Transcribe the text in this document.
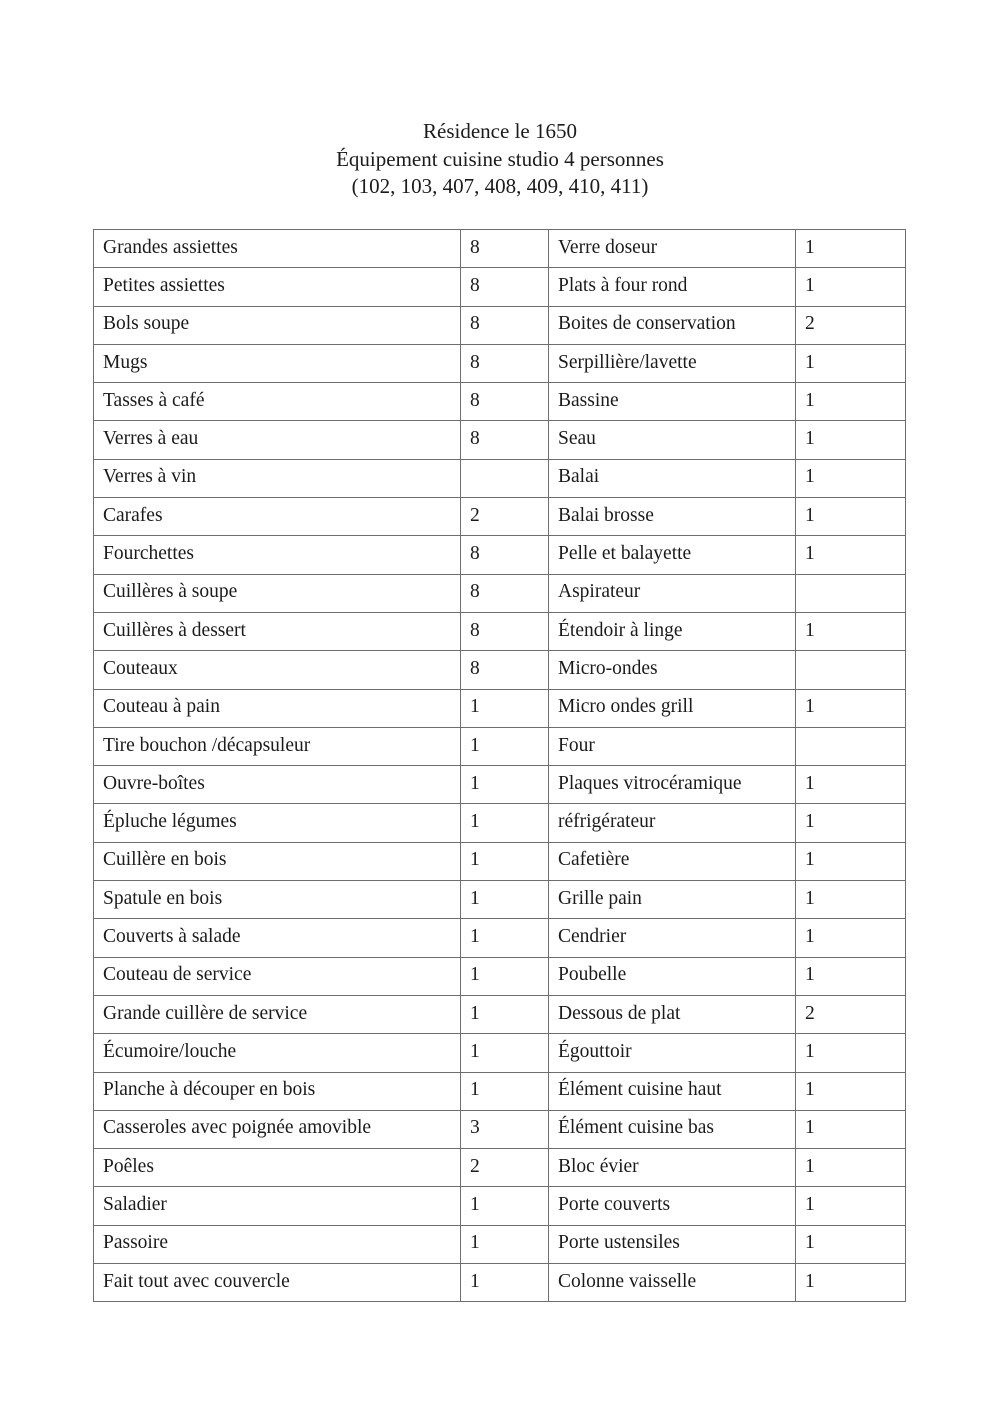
Résidence le 1650
Équipement cuisine studio 4 personnes
(102, 103, 407, 408, 409, 410, 411)
Grandes assiettes	8	Verre doseur	1
Petites assiettes	8	Plats à four rond	1
Bols soupe	8	Boites de conservation	2
Mugs	8	Serpillière/lavette	1
Tasses à café	8	Bassine	1
Verres à eau	8	Seau	1
Verres à vin		Balai	1
Carafes	2	Balai brosse	1
Fourchettes	8	Pelle et balayette	1
Cuillères à soupe	8	Aspirateur	
Cuillères à dessert	8	Étendoir à linge	1
Couteaux	8	Micro-ondes	
Couteau à pain	1	Micro ondes grill	1
Tire bouchon /décapsuleur	1	Four	
Ouvre-boîtes	1	Plaques vitrocéramique	1
Épluche légumes	1	réfrigérateur	1
Cuillère en bois	1	Cafetière	1
Spatule en bois	1	Grille pain	1
Couverts à salade	1	Cendrier	1
Couteau de service	1	Poubelle	1
Grande cuillère de service	1	Dessous de plat	2
Écumoire/louche	1	Égouttoir	1
Planche à découper en bois	1	Élément cuisine haut	1
Casseroles avec poignée amovible	3	Élément cuisine bas	1
Poêles	2	Bloc évier	1
Saladier	1	Porte couverts	1
Passoire	1	Porte ustensiles	1
Fait tout avec couvercle	1	Colonne vaisselle	1
